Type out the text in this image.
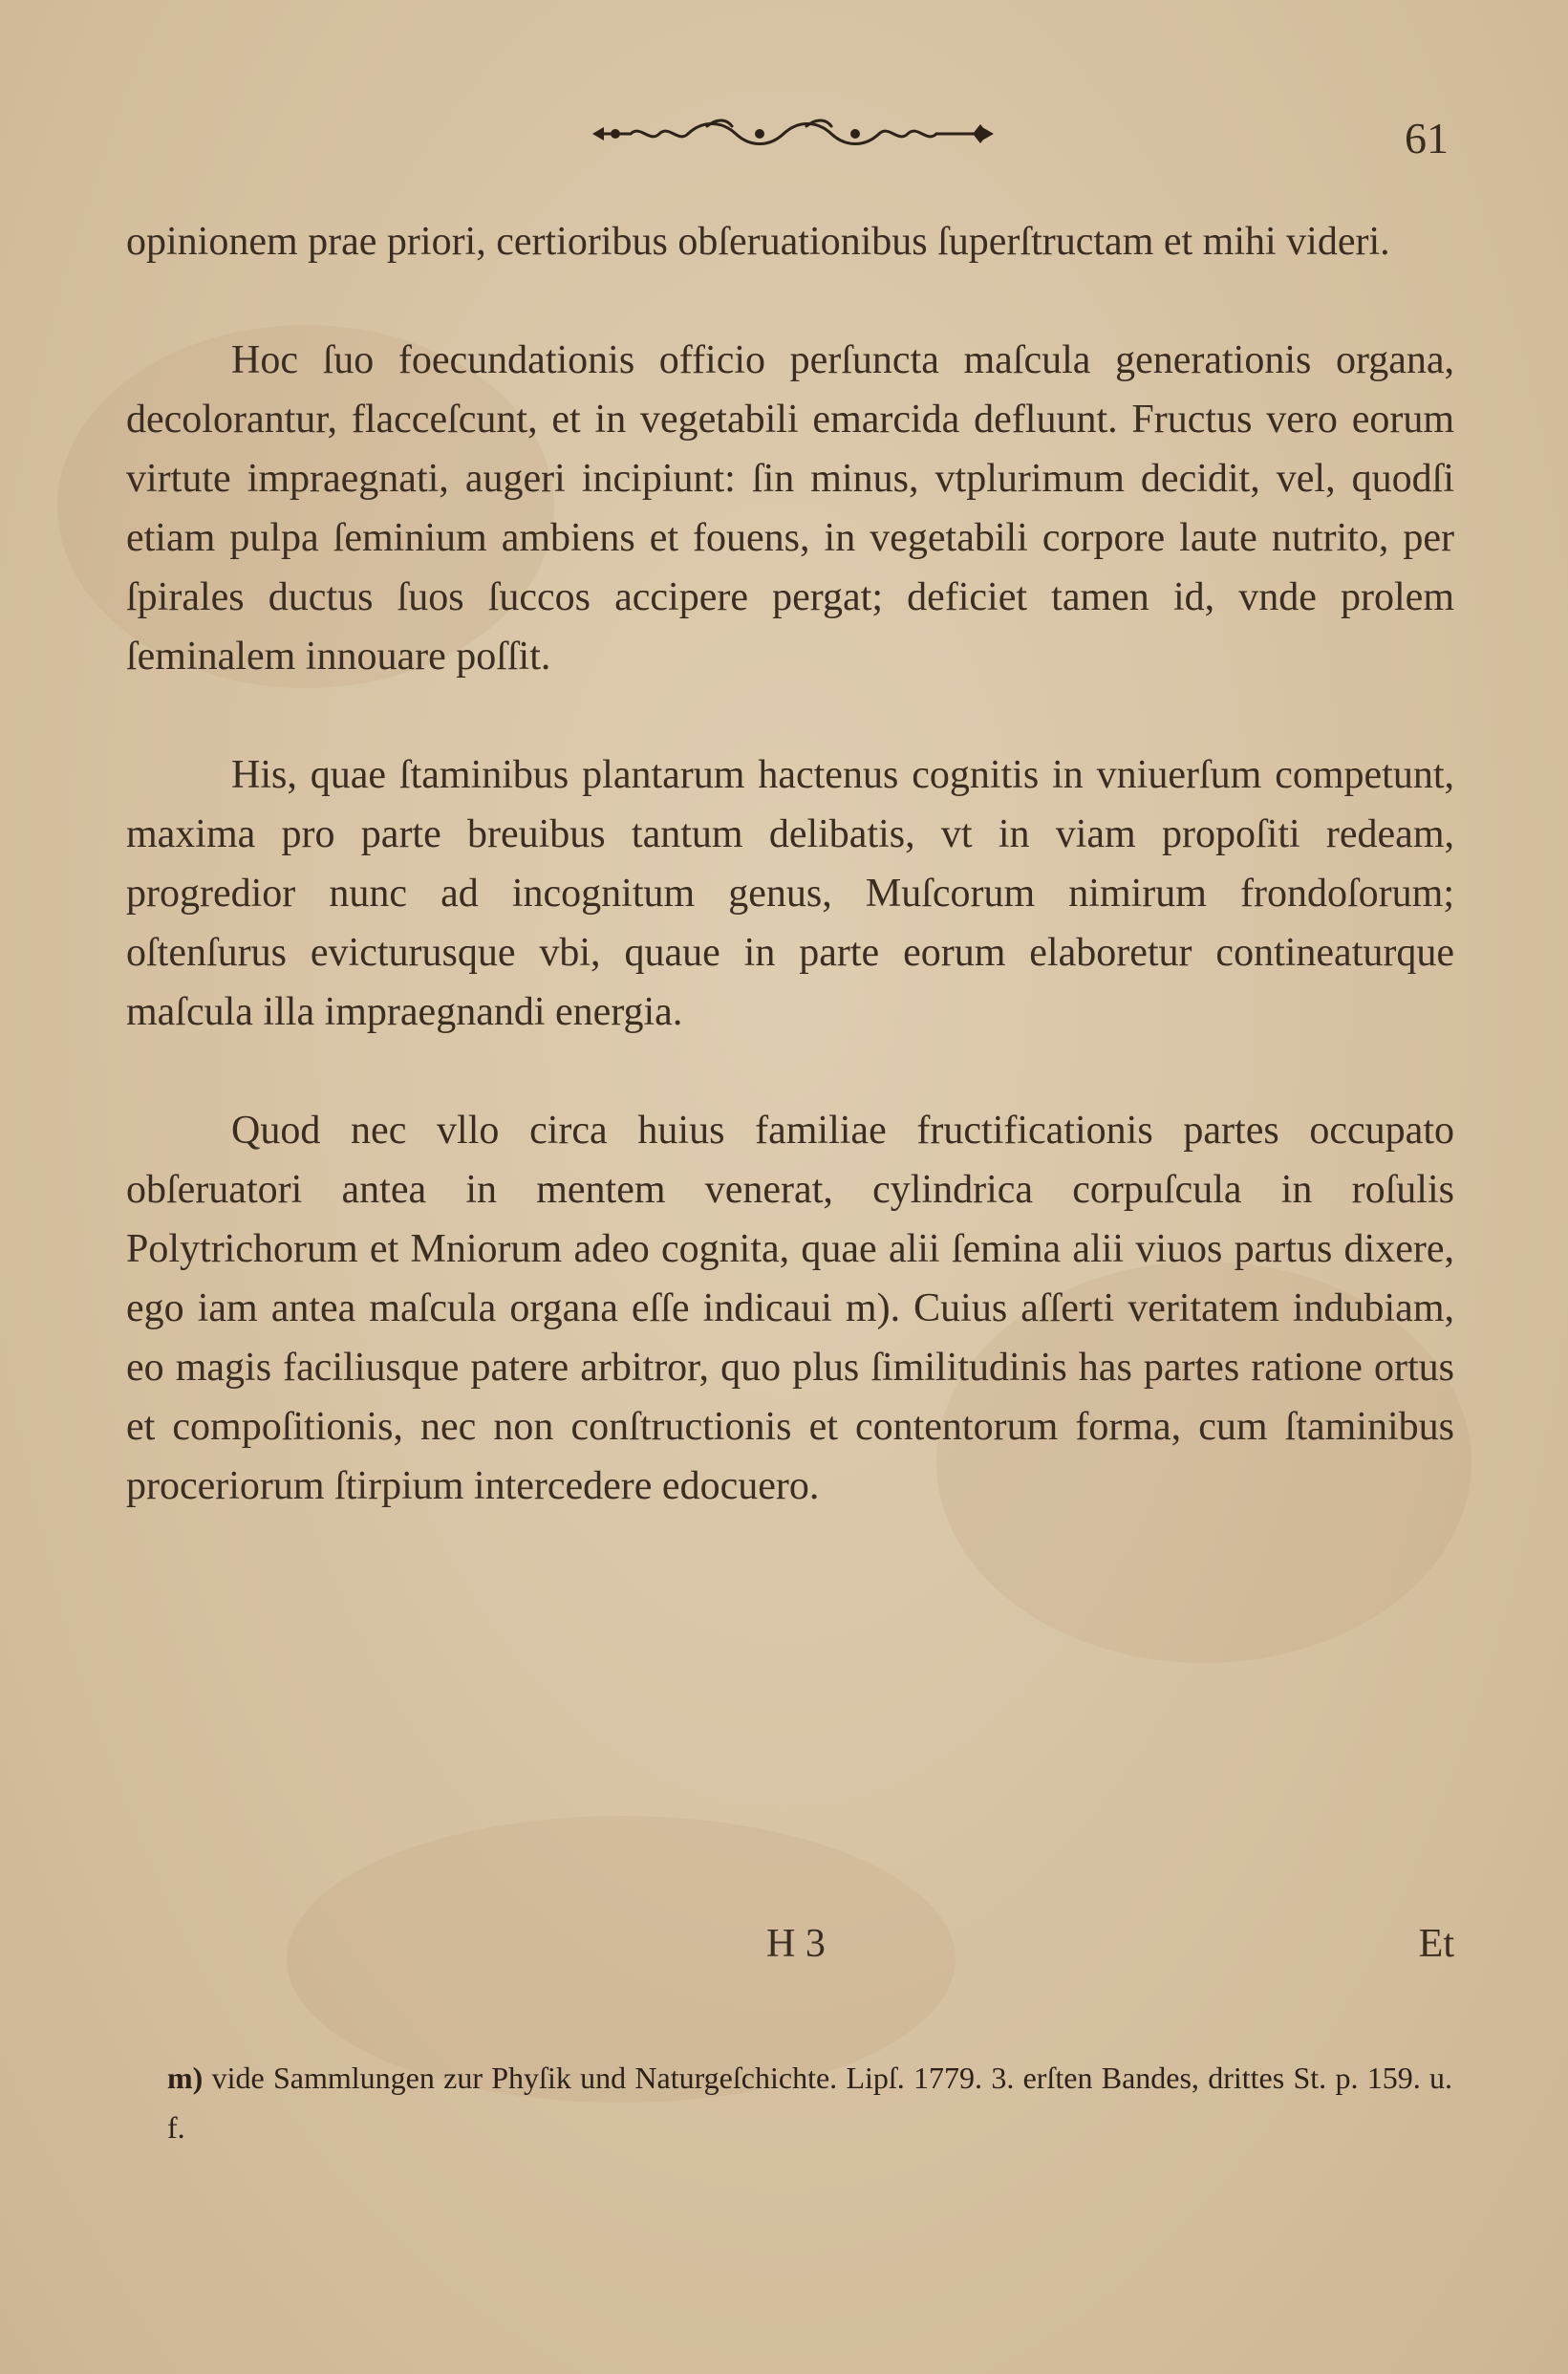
61

opinionem prae priori, certioribus obſeruationibus ſuperſtructam et mihi videri.

Hoc ſuo foecundationis officio perſuncta maſcula generationis organa, decolorantur, flacceſcunt, et in vegetabili emarcida defluunt. Fructus vero eorum virtute impraegnati, augeri incipiunt: ſin minus, vtplurimum decidit, vel, quodſi etiam pulpa ſeminium ambiens et fouens, in vegetabili corpore laute nutrito, per ſpirales ductus ſuos ſuccos accipere pergat; deficiet tamen id, vnde prolem ſeminalem innouare poſſit.

His, quae ſtaminibus plantarum hactenus cognitis in vniuerſum competunt, maxima pro parte breuibus tantum delibatis, vt in viam propoſiti redeam, progredior nunc ad incognitum genus, Muſcorum nimirum frondoſorum; oſtenſurus evicturusque vbi, quaue in parte eorum elaboretur contineaturque maſcula illa impraegnandi energia.

Quod nec vllo circa huius familiae fructificationis partes occupato obſeruatori antea in mentem venerat, cylindrica corpuſcula in roſulis Polytrichorum et Mniorum adeo cognita, quae alii ſemina alii viuos partus dixere, ego iam antea maſcula organa eſſe indicaui m). Cuius aſſerti veritatem indubiam, eo magis faciliusque patere arbitror, quo plus ſimilitudinis has partes ratione ortus et compoſitionis, nec non conſtructionis et contentorum forma, cum ſtaminibus proceriorum ſtirpium intercedere edocuero.

H 3	Et
m) vide Sammlungen zur Phyſik und Naturgeſchichte. Lipſ. 1779. 3. erſten Bandes, drittes St. p. 159. u. f.
